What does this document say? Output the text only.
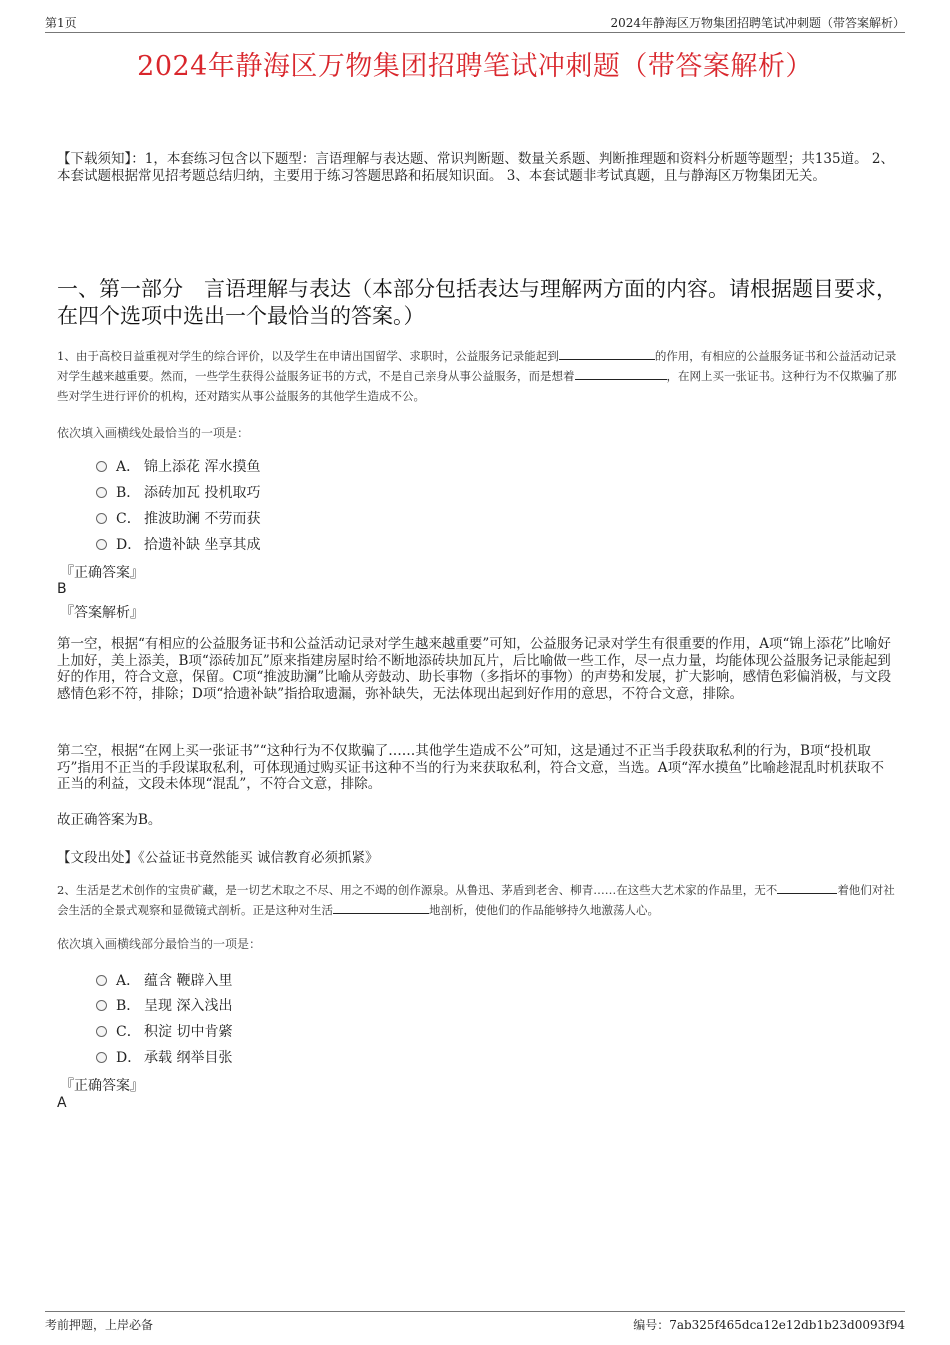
第1页	2024年静海区万物集团招聘笔试冲刺题（带答案解析）
2024年静海区万物集团招聘笔试冲刺题（带答案解析）
【下载须知】：1，本套练习包含以下题型：言语理解与表达题、常识判断题、数量关系题、判断推理题和资料分析题等题型；共135道。 2、本套试题根据常见招考题总结归纳，主要用于练习答题思路和拓展知识面。 3、本套试题非考试真题，且与静海区万物集团无关。
一、第一部分　言语理解与表达（本部分包括表达与理解两方面的内容。请根据题目要求，在四个选项中选出一个最恰当的答案。）
1、由于高校日益重视对学生的综合评价，以及学生在申请出国留学、求职时，公益服务记录能起到	的作用，有相应的公益服务证书和公益活动记录对学生越来越重要。然而，一些学生获得公益服务证书的方式，不是自己亲身从事公益服务，而是想着	，在网上买一张证书。这种行为不仅欺骗了那些对学生进行评价的机构，还对踏实从事公益服务的其他学生造成不公。
依次填入画横线处最恰当的一项是：
A． 锦上添花 浑水摸鱼
B． 添砖加瓦 投机取巧
C． 推波助澜 不劳而获
D． 拾遗补缺 坐享其成
『正确答案』
B
『答案解析』
第一空，根据“有相应的公益服务证书和公益活动记录对学生越来越重要”可知，公益服务记录对学生有很重要的作用，A项“锦上添花”比喻好上加好，美上添美，B项“添砖加瓦”原来指建房屋时给不断地添砖块加瓦片，后比喻做一些工作，尽一点力量，均能体现公益服务记录能起到好的作用，符合文意，保留。C项“推波助澜”比喻从旁鼓动、助长事物（多指坏的事物）的声势和发展，扩大影响，感情色彩偏消极，与文段感情色彩不符，排除；D项“拾遗补缺”指拾取遗漏，弥补缺失，无法体现出起到好作用的意思，不符合文意，排除。
第二空，根据“在网上买一张证书”“这种行为不仅欺骗了……其他学生造成不公”可知，这是通过不正当手段获取私利的行为，B项“投机取巧”指用不正当的手段谋取私利，可体现通过购买证书这种不当的行为来获取私利，符合文意，当选。A项“浑水摸鱼”比喻趁混乱时机获取不正当的利益，文段未体现“混乱”，不符合文意，排除。
故正确答案为B。
【文段出处】《公益证书竟然能买 诚信教育必须抓紧》
2、生活是艺术创作的宝贵矿藏，是一切艺术取之不尽、用之不竭的创作源泉。从鲁迅、茅盾到老舍、柳青……在这些大艺术家的作品里，无不	着他们对社会生活的全景式观察和显微镜式剖析。正是这种对生活	地剖析，使他们的作品能够持久地激荡人心。
依次填入画横线部分最恰当的一项是：
A． 蕴含 鞭辟入里
B． 呈现 深入浅出
C． 积淀 切中肯綮
D． 承载 纲举目张
『正确答案』
A
考前押题，上岸必备	编号：7ab325f465dca12e12db1b23d0093f94
